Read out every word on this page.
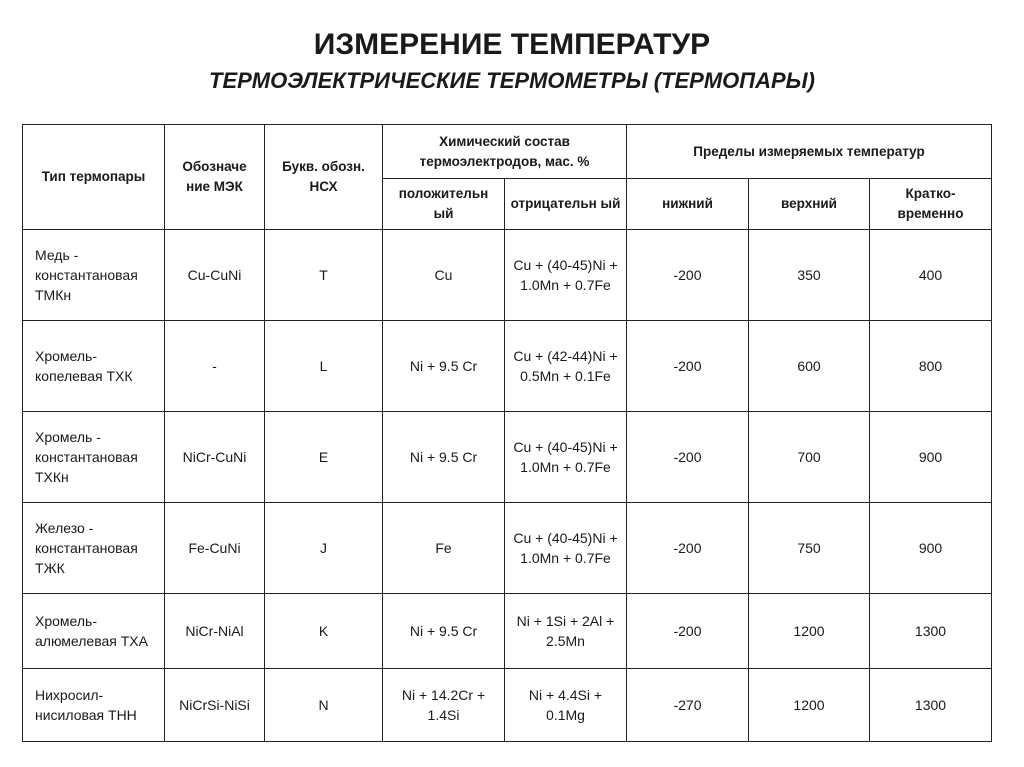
ИЗМЕРЕНИЕ ТЕМПЕРАТУР
ТЕРМОЭЛЕКТРИЧЕСКИЕ ТЕРМОМЕТРЫ (ТЕРМОПАРЫ)
Тип термопары	Обозначе ние МЭК	Букв. обозн. НСХ	Химический состав термоэлектродов, мас. %		Пределы измеряемых температур		
			положительн ый	отрицательн ый	нижний	верхний	Кратко- временно
Медь - константановая ТМКн	Cu-CuNi	T	Cu	Cu + (40-45)Ni + 1.0Mn + 0.7Fe	-200	350	400
Хромель- копелевая ТХК	-	L	Ni + 9.5 Cr	Cu + (42-44)Ni + 0.5Mn + 0.1Fe	-200	600	800
Хромель - константановая ТХКн	NiCr-CuNi	E	Ni + 9.5 Cr	Cu + (40-45)Ni + 1.0Mn + 0.7Fe	-200	700	900
Железо - константановая ТЖК	Fe-CuNi	J	Fe	Cu + (40-45)Ni + 1.0Mn + 0.7Fe	-200	750	900
Хромель- алюмелевая ТХА	NiCr-NiAl	K	Ni + 9.5 Cr	Ni + 1Si + 2Al + 2.5Mn	-200	1200	1300
Нихросил- нисиловая ТНН	NiCrSi-NiSi	N	Ni + 14.2Cr + 1.4Si	Ni + 4.4Si + 0.1Mg	-270	1200	1300
